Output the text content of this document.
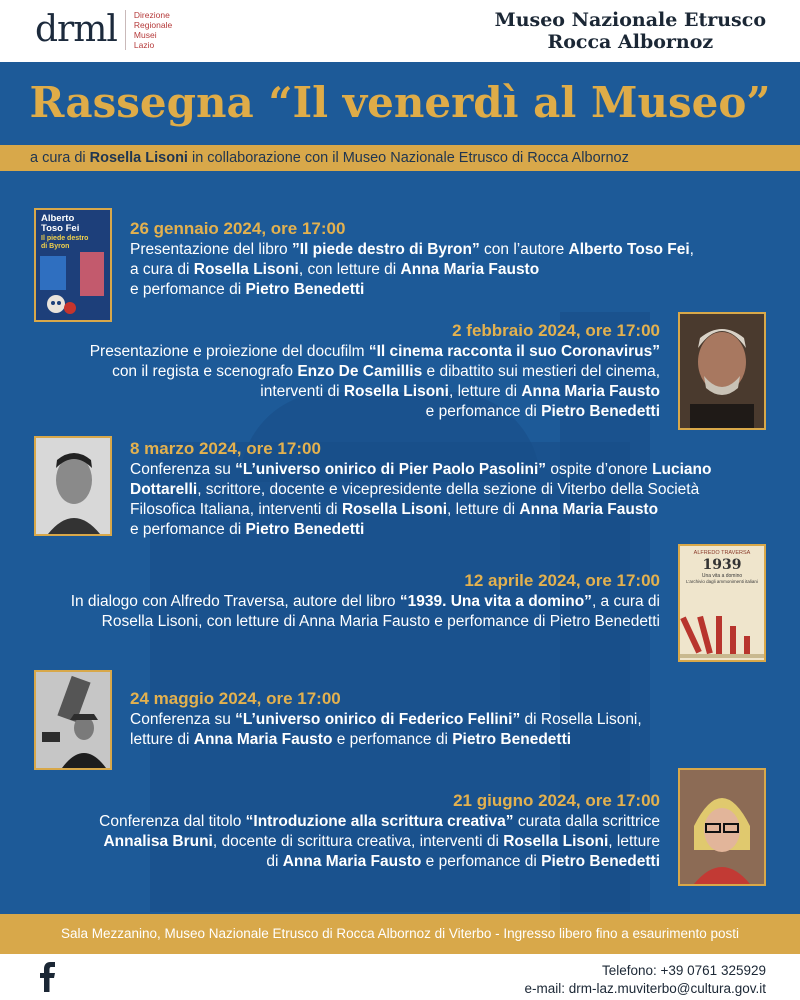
drml Direzione
Regionale
Musei
Lazio
Museo Nazionale Etrusco
Rocca Albornoz
Rassegna “Il venerdì al Museo”
a cura di Rosella Lisoni in collaborazione con il Museo Nazionale Etrusco di Rocca Albornoz
Alberto
Toso Fei
Il piede destro
di Byron
26 gennaio 2024, ore 17:00
Presentazione del libro ”Il piede destro di Byron” con l’autore Alberto Toso Fei,
a cura di Rosella Lisoni, con letture di Anna Maria Fausto
e perfomance di Pietro Benedetti
2 febbraio 2024, ore 17:00
Presentazione e proiezione del docufilm “Il cinema racconta il suo Coronavirus”
con il regista e scenografo Enzo De Camillis e dibattito sui mestieri del cinema,
interventi di Rosella Lisoni, letture di Anna Maria Fausto
e perfomance di Pietro Benedetti
8 marzo 2024, ore 17:00
Conferenza su “L’universo onirico di Pier Paolo Pasolini” ospite d’onore Luciano
Dottarelli, scrittore, docente e vicepresidente della sezione di Viterbo della Società
Filosofica Italiana, interventi di Rosella Lisoni, letture di Anna Maria Fausto
e perfomance di Pietro Benedetti
ALFREDO TRAVERSA
1939
Una vita a domino
L’archivio dagli ammonimenti italiani
12 aprile 2024, ore 17:00
In dialogo con Alfredo Traversa, autore del libro “1939. Una vita a domino”, a cura di
Rosella Lisoni, con letture di Anna Maria Fausto e perfomance di Pietro Benedetti
24 maggio 2024, ore 17:00
Conferenza su “L’universo onirico di Federico Fellini” di Rosella Lisoni,
letture di Anna Maria Fausto e perfomance di Pietro Benedetti
21 giugno 2024, ore 17:00
Conferenza dal titolo “Introduzione alla scrittura creativa” curata dalla scrittrice
Annalisa Bruni, docente di scrittura creativa, interventi di Rosella Lisoni, letture
di Anna Maria Fausto e perfomance di Pietro Benedetti
Sala Mezzanino, Museo Nazionale Etrusco di Rocca Albornoz di Viterbo - Ingresso libero fino a esaurimento posti
Telefono: +39 0761 325929
e-mail: drm-laz.muviterbo@cultura.gov.it
